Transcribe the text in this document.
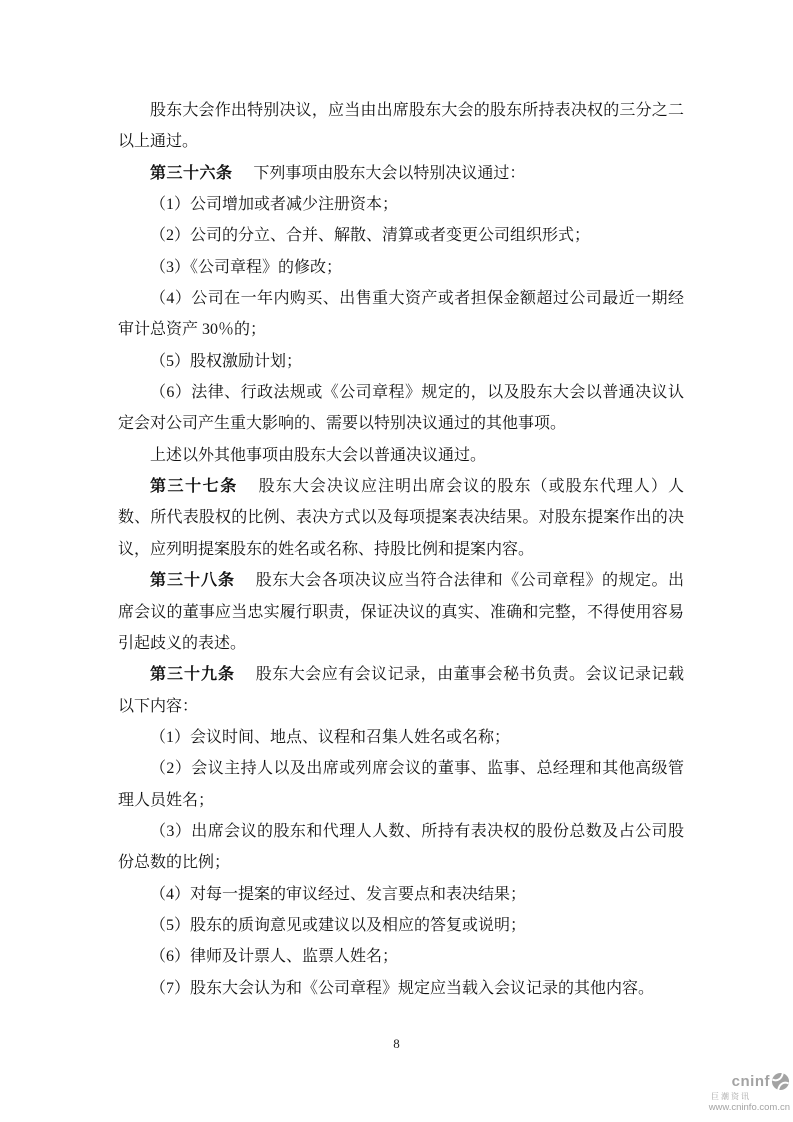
股东大会作出特别决议，应当由出席股东大会的股东所持表决权的三分之二以上通过。

第三十六条 下列事项由股东大会以特别决议通过：

（1）公司增加或者减少注册资本；

（2）公司的分立、合并、解散、清算或者变更公司组织形式；

（3）《公司章程》的修改；

（4）公司在一年内购买、出售重大资产或者担保金额超过公司最近一期经审计总资产 30％的；

（5）股权激励计划；

（6）法律、行政法规或《公司章程》规定的，以及股东大会以普通决议认定会对公司产生重大影响的、需要以特别决议通过的其他事项。

上述以外其他事项由股东大会以普通决议通过。

第三十七条 股东大会决议应注明出席会议的股东（或股东代理人）人数、所代表股权的比例、表决方式以及每项提案表决结果。对股东提案作出的决议，应列明提案股东的姓名或名称、持股比例和提案内容。

第三十八条 股东大会各项决议应当符合法律和《公司章程》的规定。出席会议的董事应当忠实履行职责，保证决议的真实、准确和完整，不得使用容易引起歧义的表述。

第三十九条 股东大会应有会议记录，由董事会秘书负责。会议记录记载以下内容：

（1）会议时间、地点、议程和召集人姓名或名称；

（2）会议主持人以及出席或列席会议的董事、监事、总经理和其他高级管理人员姓名；

（3）出席会议的股东和代理人人数、所持有表决权的股份总数及占公司股份总数的比例；

（4）对每一提案的审议经过、发言要点和表决结果；

（5）股东的质询意见或建议以及相应的答复或说明；

（6）律师及计票人、监票人姓名；

（7）股东大会认为和《公司章程》规定应当载入会议记录的其他内容。

8
cninf
巨潮资讯
www.cninfo.com.cn
